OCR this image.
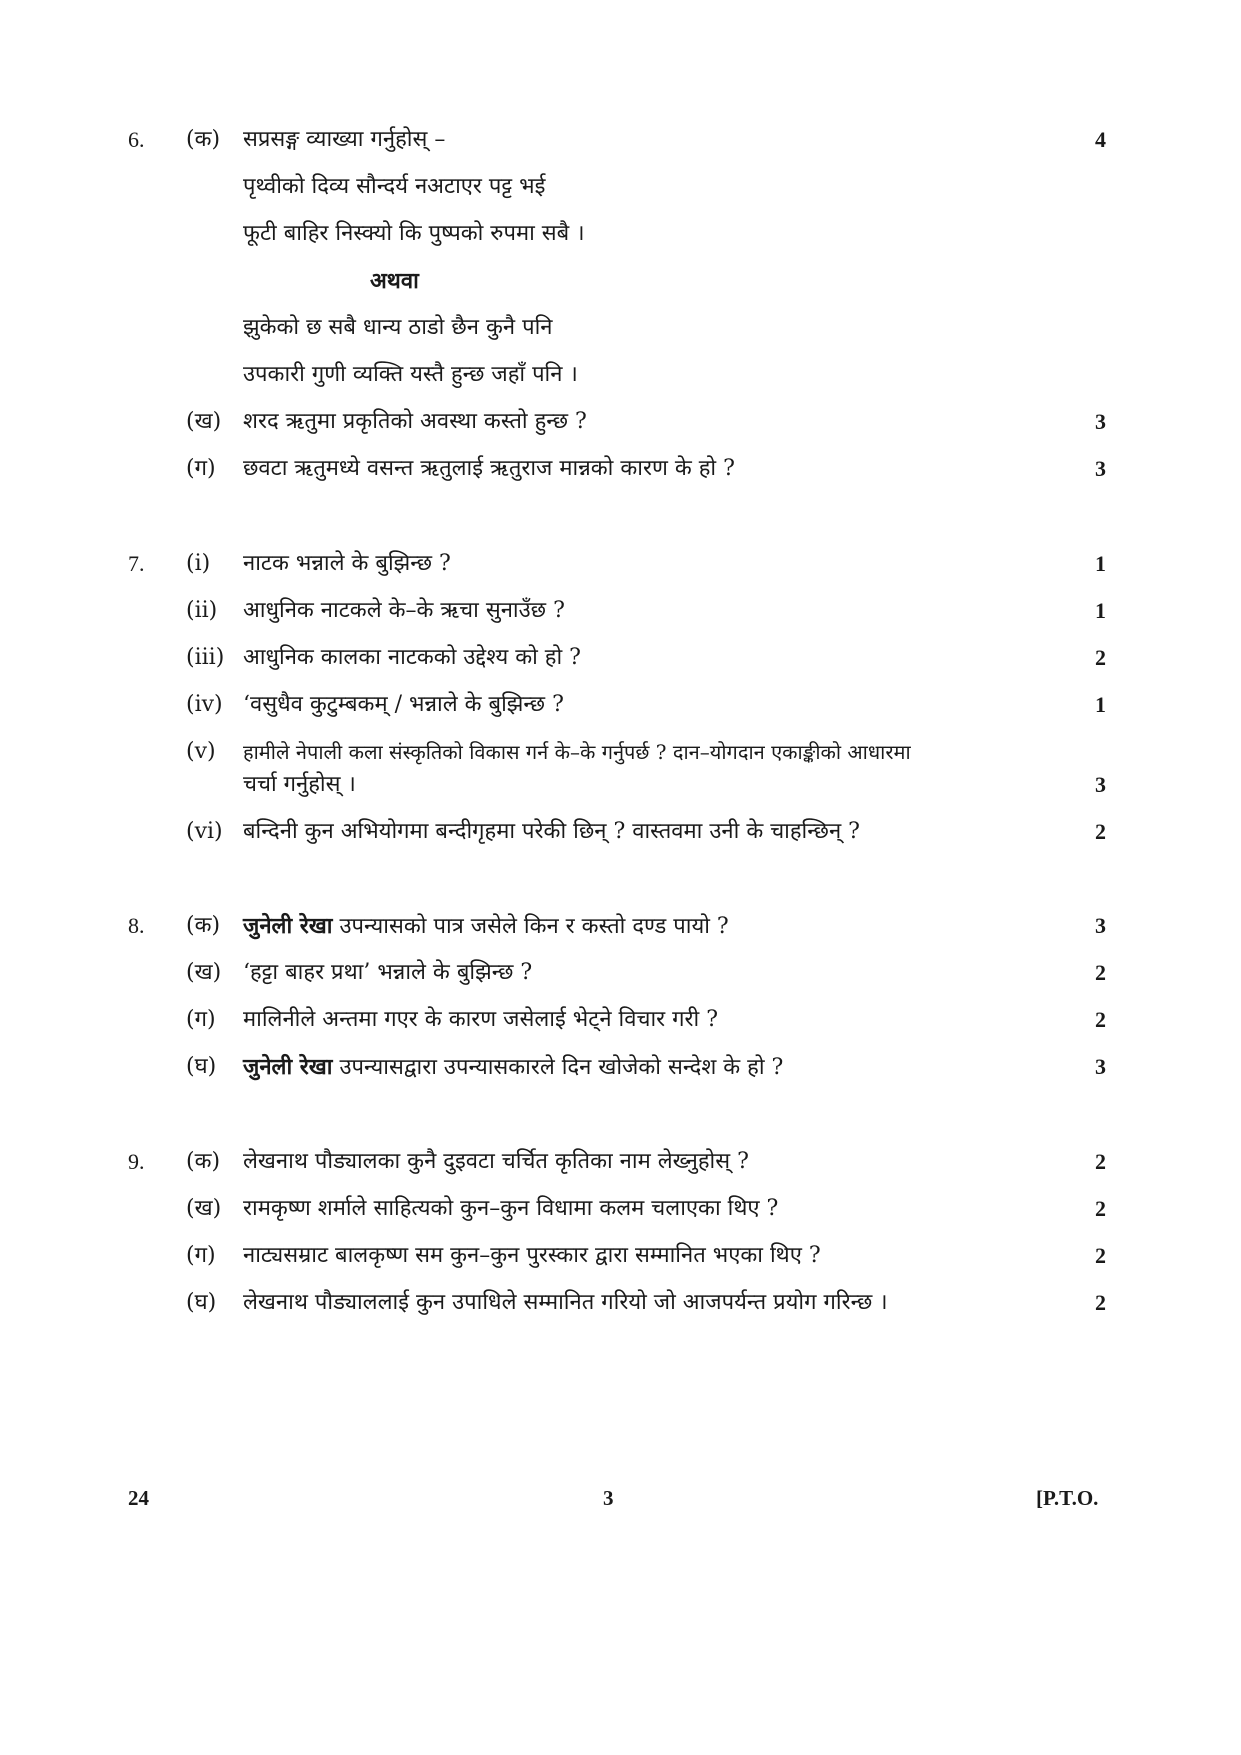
6. (क) सप्रसङ्ग व्याख्या गर्नुहोस् –	4
पृथ्वीको दिव्य सौन्दर्य नअटाएर पट्ट भई
फूटी बाहिर निस्क्यो कि पुष्पको रुपमा सबै ।
अथवा
झुकेको छ सबै धान्य ठाडो छैन कुनै पनि
उपकारी गुणी व्यक्ति यस्तै हुन्छ जहाँ पनि ।
(ख) शरद ऋतुमा प्रकृतिको अवस्था कस्तो हुन्छ ?	3
(ग) छवटा ऋतुमध्ये वसन्त ऋतुलाई ऋतुराज मान्नको कारण के हो ?	3
7. (i) नाटक भन्नाले के बुझिन्छ ?	1
(ii) आधुनिक नाटकले के–के ऋचा सुनाउँछ ?	1
(iii) आधुनिक कालका नाटकको उद्देश्य को हो ?	2
(iv) ‘वसुधैव कुटुम्बकम् / भन्नाले के बुझिन्छ ?	1
(v) हामीले नेपाली कला संस्कृतिको विकास गर्न के–के गर्नुपर्छ ? दान–योगदान एकाङ्कीको आधारमा
चर्चा गर्नुहोस् ।	3
(vi) बन्दिनी कुन अभियोगमा बन्दीगृहमा परेकी छिन् ? वास्तवमा उनी के चाहन्छिन् ?	2
8. (क) जुनेली रेखा उपन्यासको पात्र जसेले किन र कस्तो दण्ड पायो ?	3
(ख) ‘हट्टा बाहर प्रथा’ भन्नाले के बुझिन्छ ?	2
(ग) मालिनीले अन्तमा गएर के कारण जसेलाई भेट्ने विचार गरी ?	2
(घ) जुनेली रेखा उपन्यासद्वारा उपन्यासकारले दिन खोजेको सन्देश के हो ?	3
9. (क) लेखनाथ पौड्यालका कुनै दुइवटा चर्चित कृतिका नाम लेख्नुहोस् ?	2
(ख) रामकृष्ण शर्माले साहित्यको कुन–कुन विधामा कलम चलाएका थिए ?	2
(ग) नाट्यसम्राट बालकृष्ण सम कुन–कुन पुरस्कार द्वारा सम्मानित भएका थिए ?	2
(घ) लेखनाथ पौड्याललाई कुन उपाधिले सम्मानित गरियो जो आजपर्यन्त प्रयोग गरिन्छ ।	2
24	3	[P.T.O.
